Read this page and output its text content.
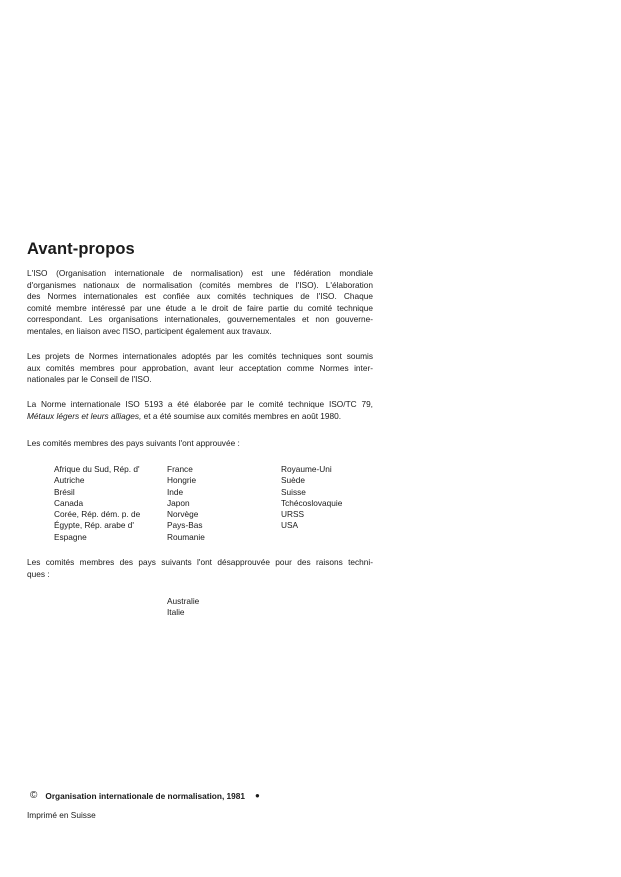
Avant-propos
L'ISO (Organisation internationale de normalisation) est une fédération mondiale
d'organismes nationaux de normalisation (comités membres de l'ISO). L'élaboration
des Normes internationales est confiée aux comités techniques de l'ISO. Chaque
comité membre intéressé par une étude a le droit de faire partie du comité technique
correspondant. Les organisations internationales, gouvernementales et non gouverne-
mentales, en liaison avec l'ISO, participent également aux travaux.
Les projets de Normes internationales adoptés par les comités techniques sont soumis
aux comités membres pour approbation, avant leur acceptation comme Normes inter-
nationales par le Conseil de l'ISO.
La Norme internationale ISO 5193 a été élaborée par le comité technique ISO/TC 79,
Métaux légers et leurs alliages, et a été soumise aux comités membres en août 1980.
Les comités membres des pays suivants l'ont approuvée :
Afrique du Sud, Rép. d'
Autriche
Brésil
Canada
Corée, Rép. dém. p. de
Égypte, Rép. arabe d'
Espagne
France
Hongrie
Inde
Japon
Norvège
Pays-Bas
Roumanie
Royaume-Uni
Suède
Suisse
Tchécoslovaquie
URSS
USA
Les comités membres des pays suivants l'ont désapprouvée pour des raisons techni-
ques :
Australie
Italie
© Organisation internationale de normalisation, 1981 ●
Imprimé en Suisse
